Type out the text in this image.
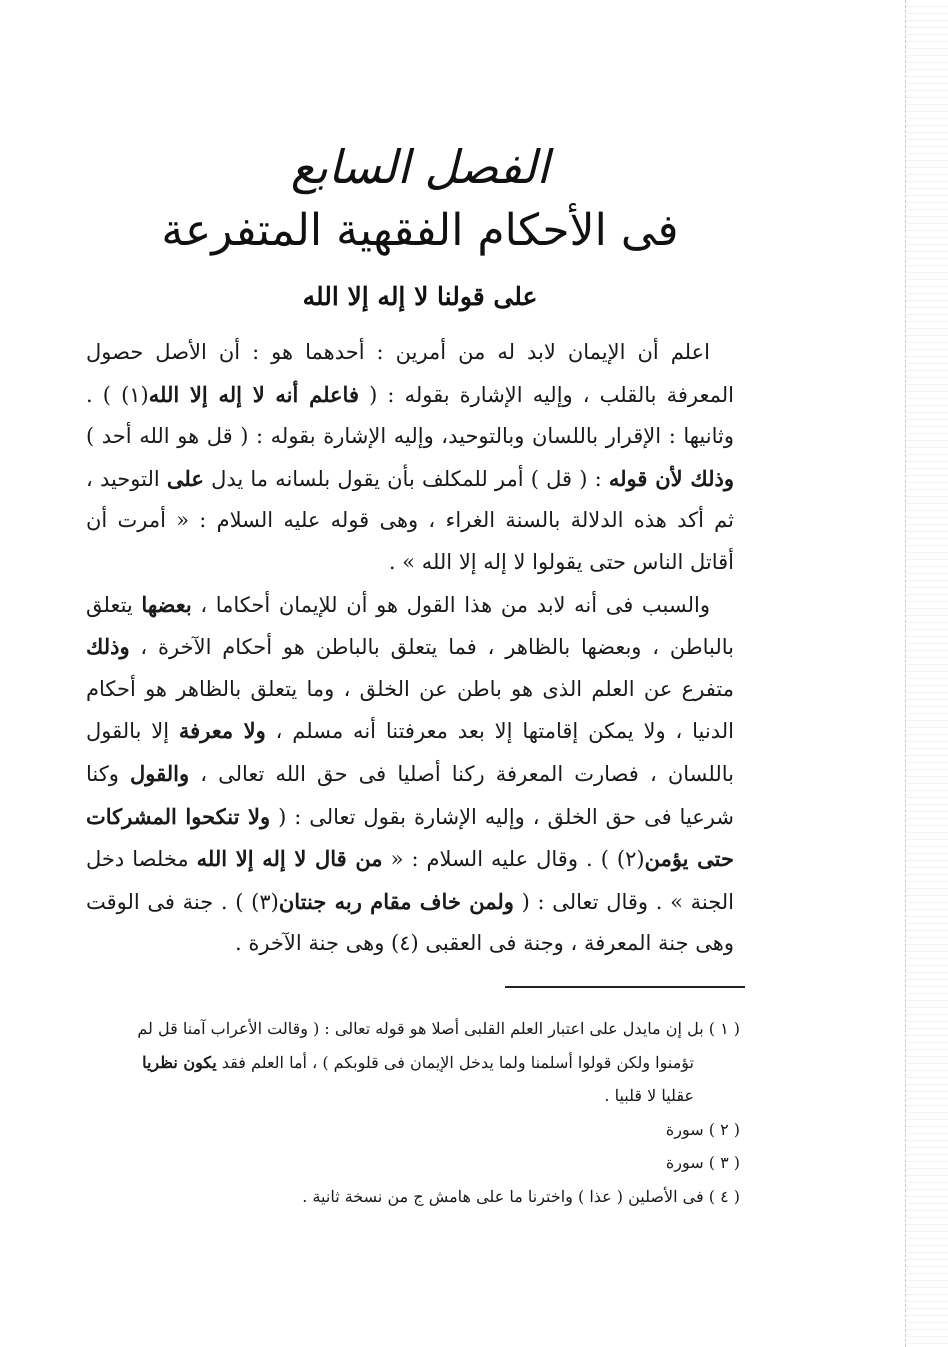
الفصل السابع
فى الأحكام الفقهية المتفرعة
على قولنا لا إله إلا الله

اعلم أن الإيمان لابد له من أمرين : أحدهما هو : أن الأصل حصول المعرفة بالقلب ، وإليه الإشارة بقوله : ( فاعلم أنه لا إله إلا الله(١) ) . وثانيها : الإقرار باللسان وبالتوحيد، وإليه الإشارة بقوله : ( قل هو الله أحد ) وذلك لأن قوله : ( قل ) أمر للمكلف بأن يقول بلسانه ما يدل على التوحيد ، ثم أكد هذه الدلالة بالسنة الغراء ، وهى قوله عليه السلام : « أمرت أن أقاتل الناس حتى يقولوا لا إله إلا الله » .

والسبب فى أنه لابد من هذا القول هو أن للإيمان أحكاما ، بعضها يتعلق بالباطن ، وبعضها بالظاهر ، فما يتعلق بالباطن هو أحكام الآخرة ، وذلك متفرع عن العلم الذى هو باطن عن الخلق ، وما يتعلق بالظاهر هو أحكام الدنيا ، ولا يمكن إقامتها إلا بعد معرفتنا أنه مسلم ، ولا معرفة إلا بالقول باللسان ، فصارت المعرفة ركنا أصليا فى حق الله تعالى ، والقول وكنا شرعيا فى حق الخلق ، وإليه الإشارة بقول تعالى : ( ولا تنكحوا المشركات حتى يؤمن(٢) ) . وقال عليه السلام : « من قال لا إله إلا الله مخلصا دخل الجنة » . وقال تعالى : ( ولمن خاف مقام ربه جنتان(٣) ) . جنة فى الوقت وهى جنة المعرفة ، وجنة فى العقبى (٤) وهى جنة الآخرة .

( ١ ) بل إن مايدل على اعتبار العلم القلبى أصلا هو قوله تعالى : ( وقالت الأعراب آمنا قل لم
تؤمنوا ولكن قولوا أسلمنا ولما يدخل الإيمان فى قلوبكم ) ، أما العلم فقد يكون نظريا
عقليا لا قلبيا .
( ٢ ) سورة
( ٣ ) سورة
( ٤ ) فى الأصلين ( عذا ) واخترنا ما على هامش ج من نسخة ثانية .
